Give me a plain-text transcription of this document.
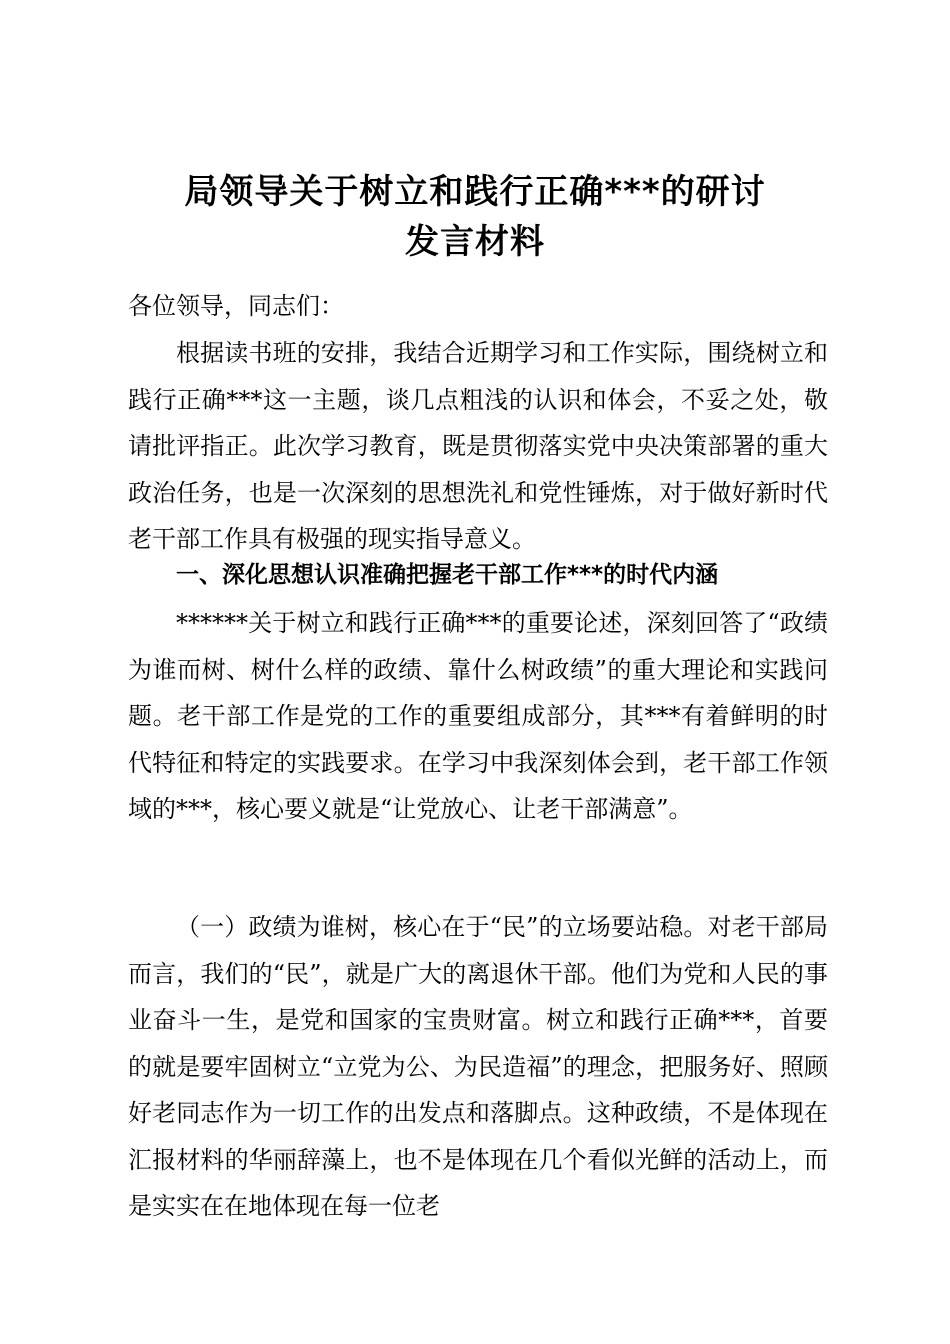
局领导关于树立和践行正确***的研讨
发言材料
各位领导，同志们：
根据读书班的安排，我结合近期学习和工作实际，围绕树立和践行正确***这一主题，谈几点粗浅的认识和体会，不妥之处，敬请批评指正。此次学习教育，既是贯彻落实党中央决策部署的重大政治任务，也是一次深刻的思想洗礼和党性锤炼，对于做好新时代老干部工作具有极强的现实指导意义。
一、深化思想认识准确把握老干部工作***的时代内涵
******关于树立和践行正确***的重要论述，深刻回答了“政绩为谁而树、树什么样的政绩、靠什么树政绩”的重大理论和实践问题。老干部工作是党的工作的重要组成部分，其***有着鲜明的时代特征和特定的实践要求。在学习中我深刻体会到，老干部工作领域的***，核心要义就是“让党放心、让老干部满意”。
（一）政绩为谁树，核心在于“民”的立场要站稳。对老干部局而言，我们的“民”，就是广大的离退休干部。他们为党和人民的事业奋斗一生，是党和国家的宝贵财富。树立和践行正确***，首要的就是要牢固树立“立党为公、为民造福”的理念，把服务好、照顾好老同志作为一切工作的出发点和落脚点。这种政绩，不是体现在汇报材料的华丽辞藻上，也不是体现在几个看似光鲜的活动上，而是实实在在地体现在每一位老
